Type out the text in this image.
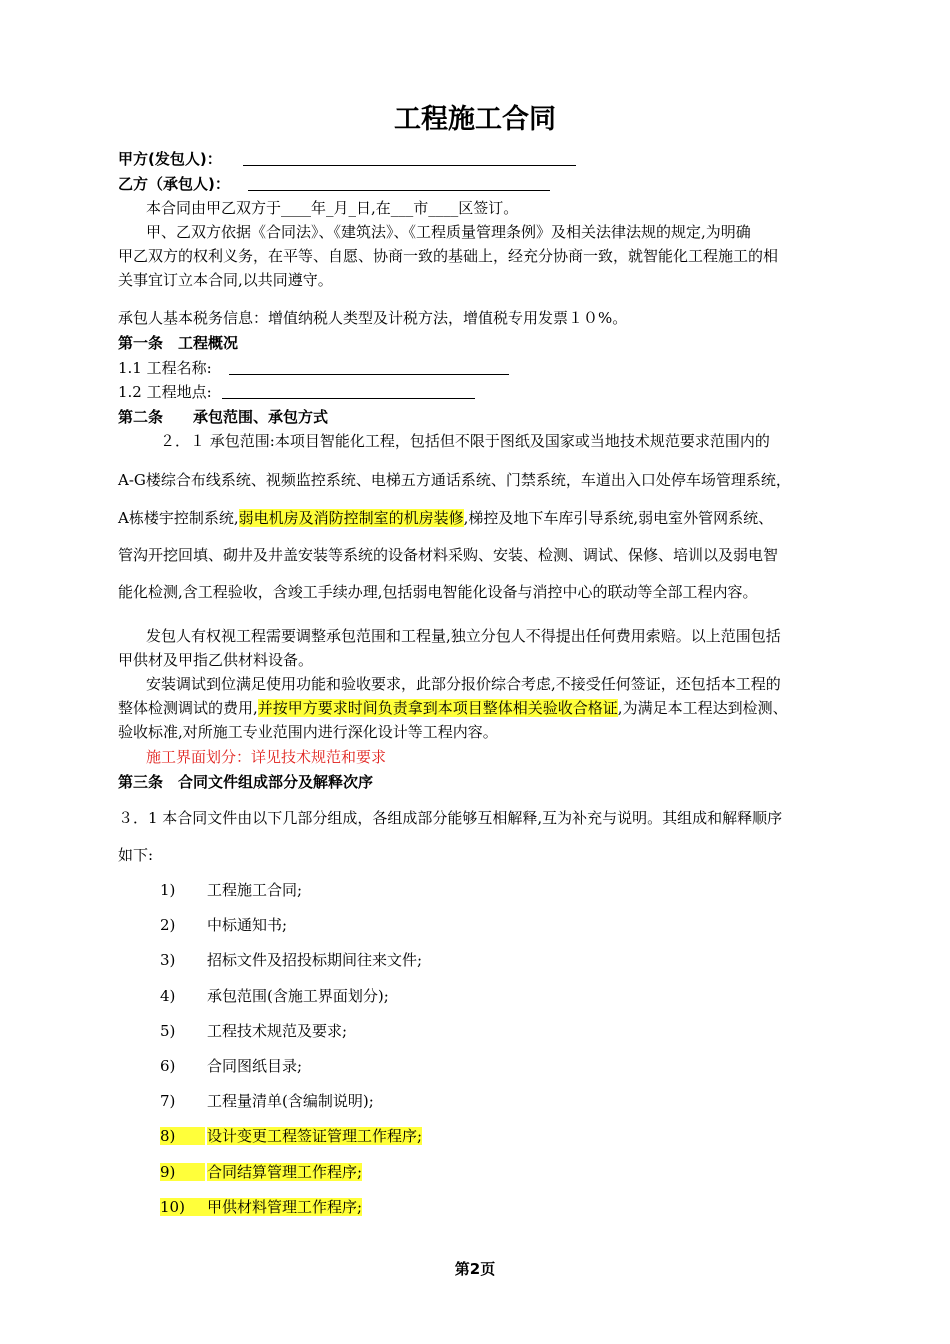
工程施工合同
甲方(发包人)：
乙方（承包人)：
本合同由甲乙双方于____年_月_日,在___市____区签订。
甲、乙双方依据《合同法》、《建筑法》、《工程质量管理条例》及相关法律法规的规定,为明确
甲乙双方的权利义务，在平等、自愿、协商一致的基础上，经充分协商一致，就智能化工程施工的相
关事宜订立本合同,以共同遵守。
承包人基本税务信息：增值纳税人类型及计税方法，增值税专用发票１０%。
第一条　工程概况
1.1 工程名称:
1.2 工程地点:
第二条　　承包范围、承包方式
２．１ 承包范围:本项目智能化工程，包括但不限于图纸及国家或当地技术规范要求范围内的
A-G楼综合布线系统、视频监控系统、电梯五方通话系统、门禁系统，车道出入口处停车场管理系统，
A栋楼宇控制系统,弱电机房及消防控制室的机房装修,梯控及地下车库引导系统,弱电室外管网系统、
管沟开挖回填、砌井及井盖安装等系统的设备材料采购、安装、检测、调试、保修、培训以及弱电智
能化检测,含工程验收，含竣工手续办理,包括弱电智能化设备与消控中心的联动等全部工程内容。
发包人有权视工程需要调整承包范围和工程量,独立分包人不得提出任何费用索赔。以上范围包括
甲供材及甲指乙供材料设备。
安装调试到位满足使用功能和验收要求，此部分报价综合考虑,不接受任何签证，还包括本工程的
整体检测调试的费用,并按甲方要求时间负责拿到本项目整体相关验收合格证,为满足本工程达到检测、
验收标准,对所施工专业范围内进行深化设计等工程内容。
施工界面划分：详见技术规范和要求
第三条　合同文件组成部分及解释次序
３．1 本合同文件由以下几部分组成，各组成部分能够互相解释,互为补充与说明。其组成和解释顺序
如下:
1) 工程施工合同;
2) 中标通知书;
3) 招标文件及招投标期间往来文件;
4) 承包范围(含施工界面划分);
5) 工程技术规范及要求;
6) 合同图纸目录;
7) 工程量清单(含编制说明);
8)	设计变更工程签证管理工作程序;
9)	合同结算管理工作程序;
10)	甲供材料管理工作程序;
第2页
